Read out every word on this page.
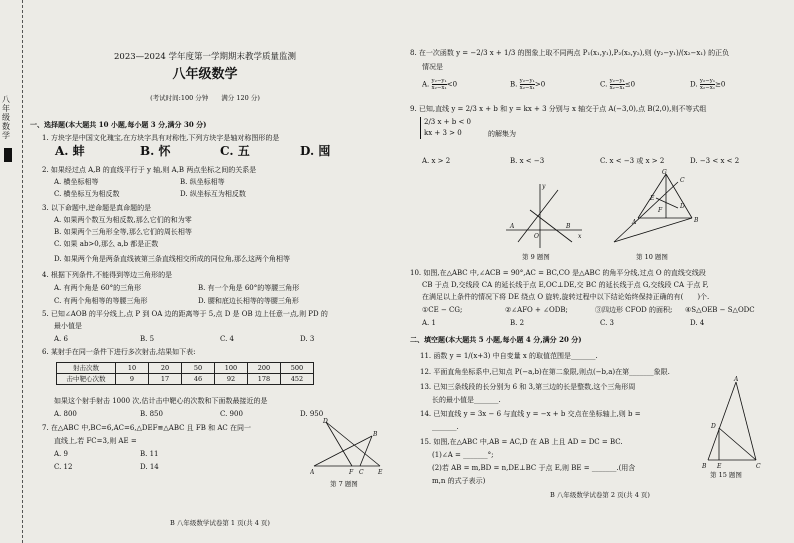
八年级数学
2023—2024 学年度第一学期期末教学质量监测
八年级数学
(考试时间:100 分钟　　满分 120 分)
一、选择题(本大题共 10 小题,每小题 3 分,满分 30 分)
1. 方块字是中国文化瑰宝,在方块字具有对称性,下列方块字是轴对称图形的是
A. 蚌	B. 怀	C. 五	D. 囤
2. 如果经过点 A,B 的直线平行于 y 轴,则 A,B 两点坐标之间的关系是
A. 横坐标相等	B. 纵坐标相等
C. 横坐标互为相反数	D. 纵坐标互为相反数
3. 以下命题中,逆命题是真命题的是
A. 如果两个数互为相反数,那么它们的和为零
B. 如果两个三角形全等,那么它们的周长相等
C. 如果 ab>0,那么 a,b 都是正数
D. 如果两个角是两条直线被第三条直线相交所成的同位角,那么这两个角相等
4. 根据下列条件,不能得到等边三角形的是
A. 有两个角是 60°的三角形	B. 有一个角是 60°的等腰三角形
C. 有两个角相等的等腰三角形	D. 腰和底边长相等的等腰三角形
5. 已知∠AOB 的平分线上,点 P 到 OA 边的距离等于 5,点 D 是 OB 边上任意一点,则 PD 的
最小值是
A. 6	B. 5	C. 4	D. 3
6. 某射手在同一条件下进行多次射击,结果如下表:
射击次数	10	20	50	100	200	500
击中靶心次数	9	17	46	92	178	452
如果这个射手射击 1000 次,估计击中靶心的次数和下面数最接近的是
A. 800	B. 850	C. 900	D. 950
7. 在△ABC 中,BC=6,AC=6,△DEF≌△ABC 且 FB 和 AC 在同一
直线上,若 FC=3,则 AE =
A. 9	B. 11
C. 12	D. 14
D
B
A	F C E
第 7 题图
B 八年级数学试卷第 1 页(共 4 页)
8. 在一次函数 y = −2/3 x + 1/3 的图象上取不同两点 P₁(x₁,y₁),P₂(x₂,y₂),则 (y₂−y₁)/(x₂−x₁) 的正负
情况是
A. $\frac{\text{y₂−y₁}}{\text{x₂−x₁}} <0$	B. $\frac{\text{y₂−y₁}}{\text{x₂−x₁}} >0$	C. $\frac{\text{y₂−y₁}}{\text{x₂−x₁}} \le 0$	D. $\frac{\text{y₂−y₁}}{\text{x₂−x₁}} \ge 0$
9. 已知,直线 y = 2/3 x + b 和 y = kx + 3 分别与 x 轴交于点 A(−3,0),点 B(2,0),则不等式组
2/3 x + b < 0
kx + 3 > 0	的解集为
A. x > 2	B. x < −3	C. x < −3 或 x > 2	D. −3 < x < 2
y
A
O
B
x
第 9 题图
G
C
E
F
D
A	B
第 10 题图
10. 如图,在△ABC 中,∠ACB = 90°,AC = BC,CO 是△ABC 的角平分线,过点 O 的直线交线段
CB 于点 D,交线段 CA 的延长线于点 E,OC⊥DE,交 BC 的延长线于点 G,交线段 CA 于点 F,
在满足以上条件的情况下将 DE 绕点 O 旋转,旋转过程中以下结论始终保持正确的有(　　)个.
①CE − CG;	②∠AFO + ∠ODB;	③四边形 CFOD 的面积; ④S△OEB − S△ODC
A. 1	B. 2	C. 3	D. 4
二、填空题(本大题共 5 小题,每小题 4 分,满分 20 分)
11. 函数 y = 1/(x+3) 中自变量 x 的取值范围是_______.
12. 平面直角坐标系中,已知点 P(−a,b)在第二象限,则点(−b,a)在第_______象限.
13. 已知三条线段的长分别为 6 和 3,第三边的长是整数,这个三角形周
长的最小值是_______.
14. 已知直线 y = 3x − 6 与直线 y = −x + b 交点在坐标轴上,则 b =
_______.
15. 如图,在△ABC 中,AB = AC,D 在 AB 上且 AD = DC = BC.
(1)∠A = _______°;
(2)若 AB = m,BD = n,DE⊥BC 于点 E,则 BE = _______.(用含
m,n 的式子表示)
A
D
B E	C
第 15 题图
B 八年级数学试卷第 2 页(共 4 页)
